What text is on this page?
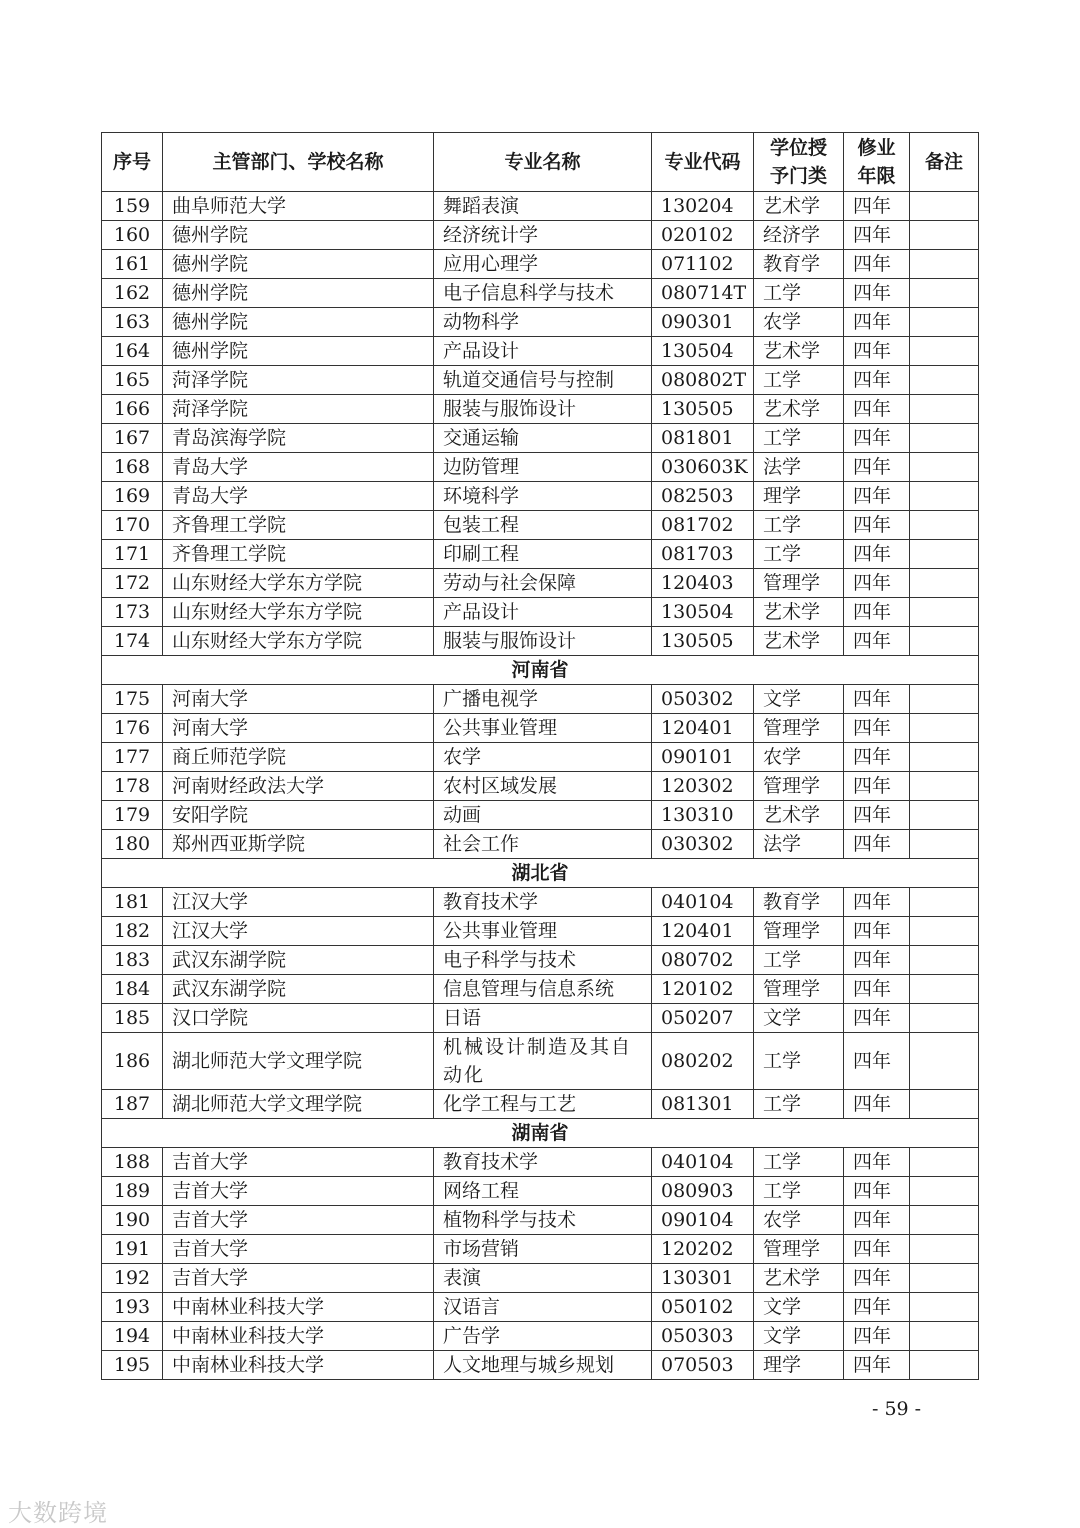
序号	主管部门、学校名称	专业名称	专业代码	学位授予门类	修业年限	备注
159	曲阜师范大学	舞蹈表演	130204	艺术学	四年	
160	德州学院	经济统计学	020102	经济学	四年	
161	德州学院	应用心理学	071102	教育学	四年	
162	德州学院	电子信息科学与技术	080714T	工学	四年	
163	德州学院	动物科学	090301	农学	四年	
164	德州学院	产品设计	130504	艺术学	四年	
165	菏泽学院	轨道交通信号与控制	080802T	工学	四年	
166	菏泽学院	服装与服饰设计	130505	艺术学	四年	
167	青岛滨海学院	交通运输	081801	工学	四年	
168	青岛大学	边防管理	030603K	法学	四年	
169	青岛大学	环境科学	082503	理学	四年	
170	齐鲁理工学院	包装工程	081702	工学	四年	
171	齐鲁理工学院	印刷工程	081703	工学	四年	
172	山东财经大学东方学院	劳动与社会保障	120403	管理学	四年	
173	山东财经大学东方学院	产品设计	130504	艺术学	四年	
174	山东财经大学东方学院	服装与服饰设计	130505	艺术学	四年	
河南省						
175	河南大学	广播电视学	050302	文学	四年	
176	河南大学	公共事业管理	120401	管理学	四年	
177	商丘师范学院	农学	090101	农学	四年	
178	河南财经政法大学	农村区域发展	120302	管理学	四年	
179	安阳学院	动画	130310	艺术学	四年	
180	郑州西亚斯学院	社会工作	030302	法学	四年	
湖北省						
181	江汉大学	教育技术学	040104	教育学	四年	
182	江汉大学	公共事业管理	120401	管理学	四年	
183	武汉东湖学院	电子科学与技术	080702	工学	四年	
184	武汉东湖学院	信息管理与信息系统	120102	管理学	四年	
185	汉口学院	日语	050207	文学	四年	
186	湖北师范大学文理学院	机械设计制造及其自动化	080202	工学	四年	
187	湖北师范大学文理学院	化学工程与工艺	081301	工学	四年	
湖南省						
188	吉首大学	教育技术学	040104	工学	四年	
189	吉首大学	网络工程	080903	工学	四年	
190	吉首大学	植物科学与技术	090104	农学	四年	
191	吉首大学	市场营销	120202	管理学	四年	
192	吉首大学	表演	130301	艺术学	四年	
193	中南林业科技大学	汉语言	050102	文学	四年	
194	中南林业科技大学	广告学	050303	文学	四年	
195	中南林业科技大学	人文地理与城乡规划	070503	理学	四年	
- 59 -
大数跨境
